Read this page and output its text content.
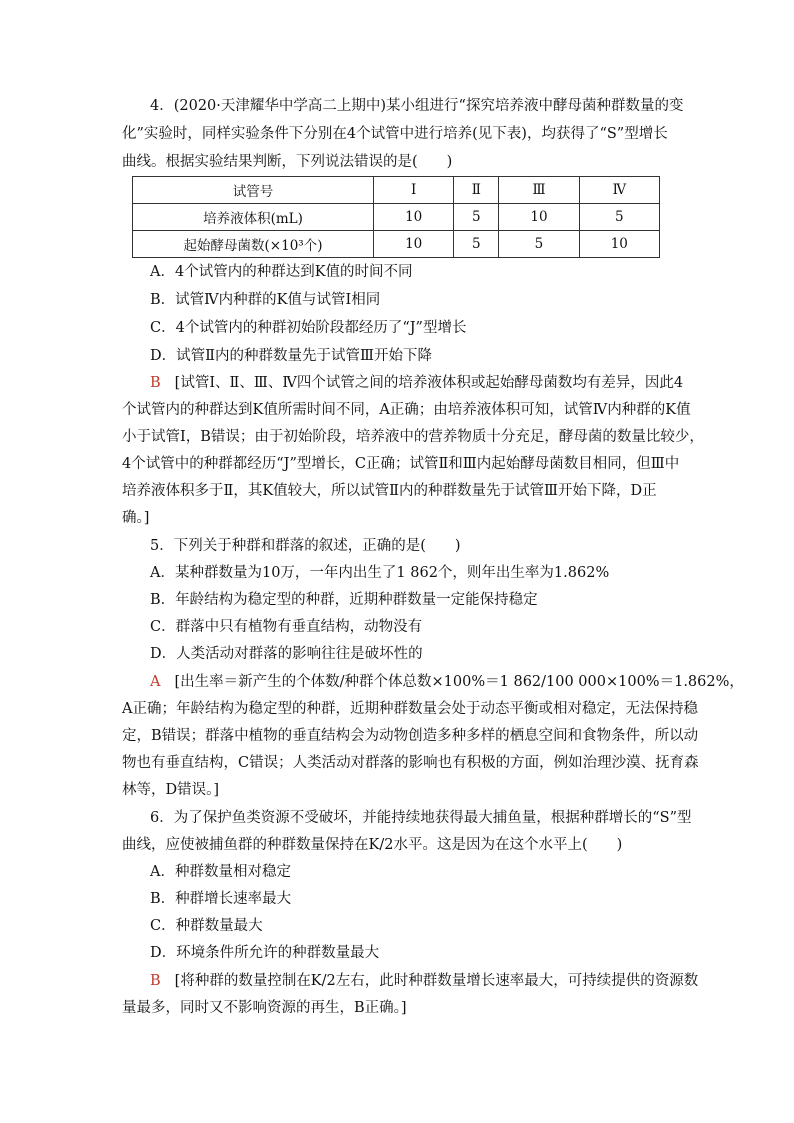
4．(2020·天津耀华中学高二上期中)某小组进行“探究培养液中酵母菌种群数量的变
化”实验时，同样实验条件下分别在4个试管中进行培养(见下表)，均获得了“S”型增长
曲线。根据实验结果判断，下列说法错误的是(　　)
试管号	Ⅰ	Ⅱ	Ⅲ	Ⅳ
培养液体积(mL)	10	5	10	5
起始酵母菌数(×10³个)	10	5	5	10
A．4个试管内的种群达到K值的时间不同
B．试管Ⅳ内种群的K值与试管Ⅰ相同
C．4个试管内的种群初始阶段都经历了“J”型增长
D．试管Ⅱ内的种群数量先于试管Ⅲ开始下降
B [试管Ⅰ、Ⅱ、Ⅲ、Ⅳ四个试管之间的培养液体积或起始酵母菌数均有差异，因此4
个试管内的种群达到K值所需时间不同，A正确；由培养液体积可知，试管Ⅳ内种群的K值
小于试管Ⅰ，B错误；由于初始阶段，培养液中的营养物质十分充足，酵母菌的数量比较少，
4个试管中的种群都经历“J”型增长，C正确；试管Ⅱ和Ⅲ内起始酵母菌数目相同，但Ⅲ中
培养液体积多于Ⅱ，其K值较大，所以试管Ⅱ内的种群数量先于试管Ⅲ开始下降，D正
确。]
5．下列关于种群和群落的叙述，正确的是(　　)
A．某种群数量为10万，一年内出生了1 862个，则年出生率为1.862%
B．年龄结构为稳定型的种群，近期种群数量一定能保持稳定
C．群落中只有植物有垂直结构，动物没有
D．人类活动对群落的影响往往是破坏性的
A [出生率＝新产生的个体数/种群个体总数×100%＝1 862/100 000×100%＝1.862%，
A正确；年龄结构为稳定型的种群，近期种群数量会处于动态平衡或相对稳定，无法保持稳
定，B错误；群落中植物的垂直结构会为动物创造多种多样的栖息空间和食物条件，所以动
物也有垂直结构，C错误；人类活动对群落的影响也有积极的方面，例如治理沙漠、抚育森
林等，D错误。]
6．为了保护鱼类资源不受破坏，并能持续地获得最大捕鱼量，根据种群增长的“S”型
曲线，应使被捕鱼群的种群数量保持在K/2水平。这是因为在这个水平上(　　)
A．种群数量相对稳定
B．种群增长速率最大
C．种群数量最大
D．环境条件所允许的种群数量最大
B [将种群的数量控制在K/2左右，此时种群数量增长速率最大，可持续提供的资源数
量最多，同时又不影响资源的再生，B正确。]
